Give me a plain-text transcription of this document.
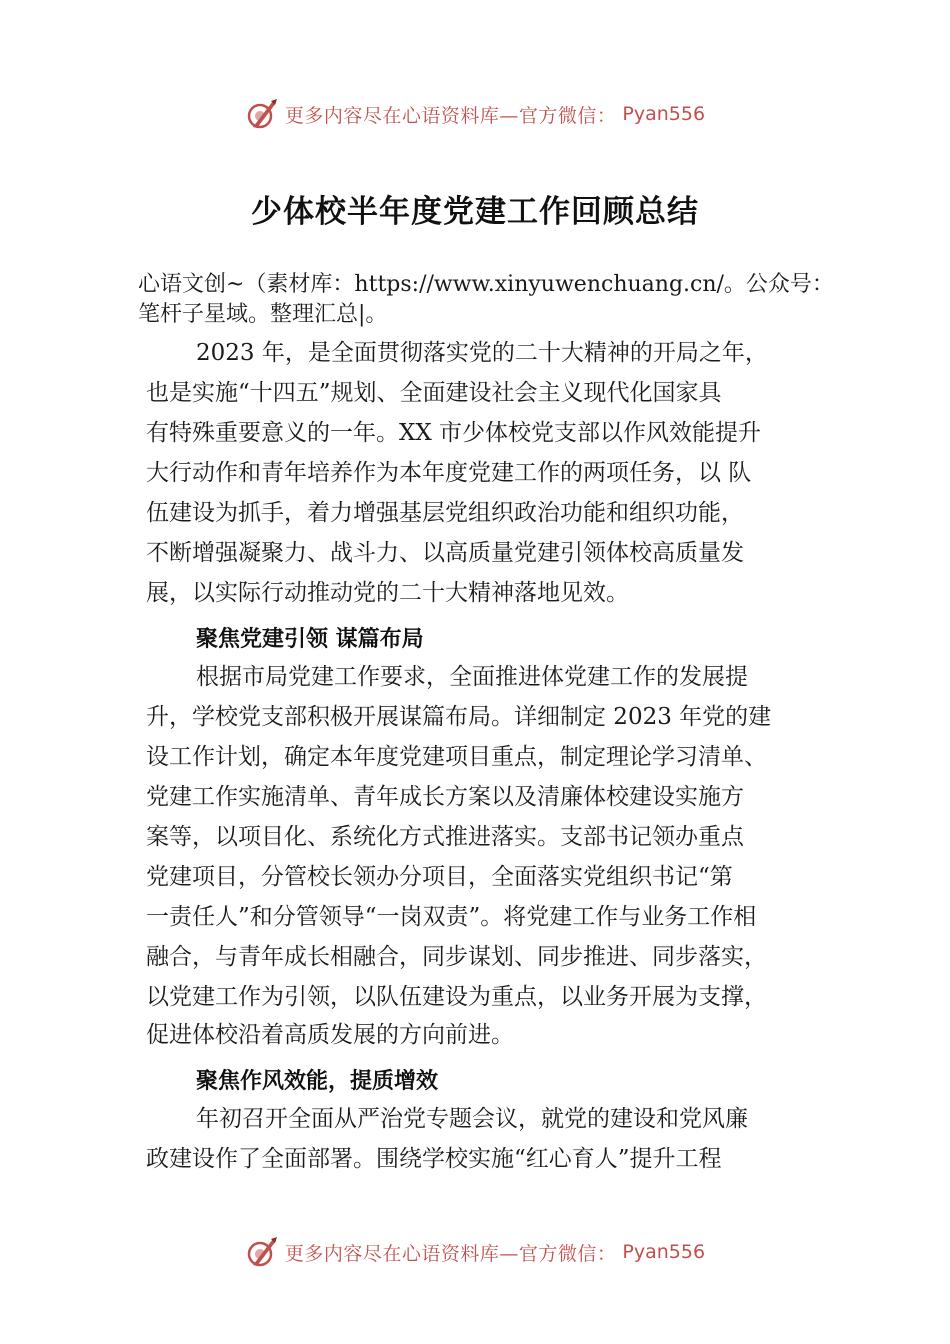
更多内容尽在心语资料库—官方微信： Pyan556
少体校半年度党建工作回顾总结
心语文创~（素材库：https://www.xinyuwenchuang.cn/。公众号：笔杆子星域。整理汇总|。
2023 年，是全面贯彻落实党的二十大精神的开局之年，
也是实施“十四五”规划、全面建设社会主义现代化国家具
有特殊重要意义的一年。XX 市少体校党支部以作风效能提升
大行动作和青年培养作为本年度党建工作的两项任务，以 队
伍建设为抓手，着力增强基层党组织政治功能和组织功能，
不断增强凝聚力、战斗力、以高质量党建引领体校高质量发
展，以实际行动推动党的二十大精神落地见效。
聚焦党建引领 谋篇布局
根据市局党建工作要求，全面推进体党建工作的发展提
升，学校党支部积极开展谋篇布局。详细制定 2023 年党的建
设工作计划，确定本年度党建项目重点，制定理论学习清单、
党建工作实施清单、青年成长方案以及清廉体校建设实施方
案等，以项目化、系统化方式推进落实。支部书记领办重点
党建项目，分管校长领办分项目，全面落实党组织书记“第
一责任人”和分管领导“一岗双责”。将党建工作与业务工作相
融合，与青年成长相融合，同步谋划、同步推进、同步落实，
以党建工作为引领，以队伍建设为重点，以业务开展为支撑，
促进体校沿着高质发展的方向前进。
聚焦作风效能，提质增效
年初召开全面从严治党专题会议，就党的建设和党风廉
政建设作了全面部署。围绕学校实施“红心育人”提升工程
更多内容尽在心语资料库—官方微信： Pyan556
